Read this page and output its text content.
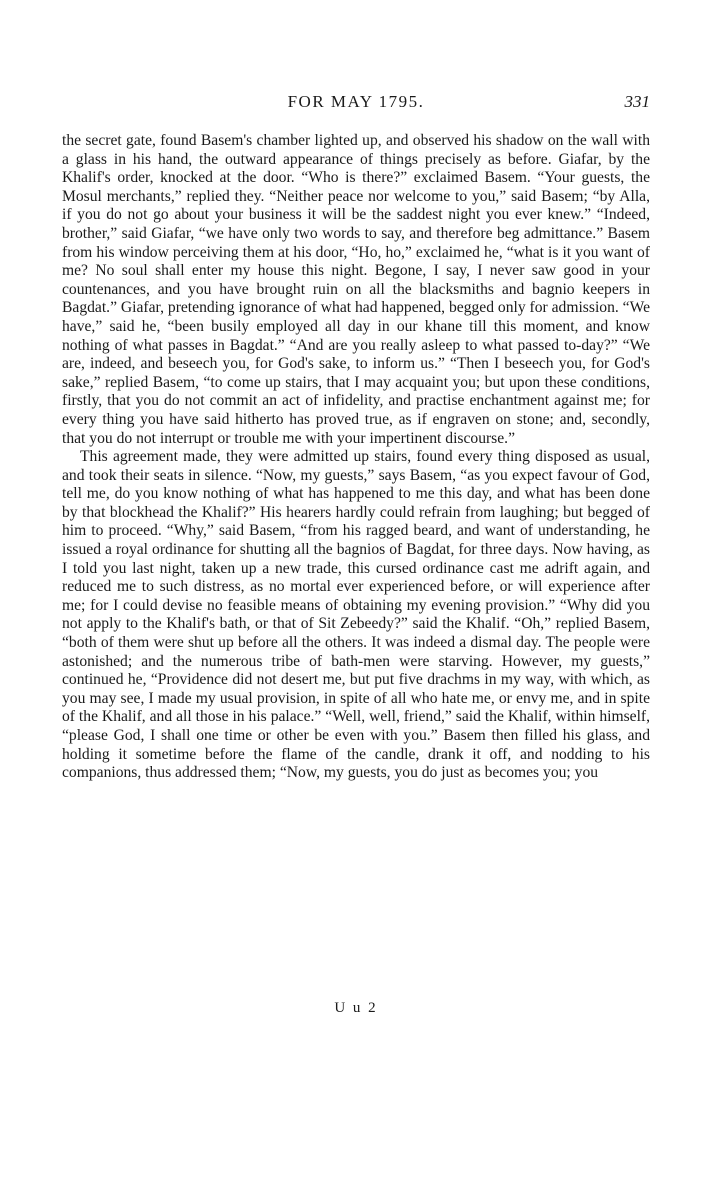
FOR MAY 1795.	331

the secret gate, found Basem's chamber lighted up, and observed his shadow on the wall with a glass in his hand, the outward appearance of things precisely as before. Giafar, by the Khalif's order, knocked at the door. “Who is there?” exclaimed Basem. “Your guests, the Mosul merchants,” replied they. “Neither peace nor welcome to you,” said Basem; “by Alla, if you do not go about your business it will be the saddest night you ever knew.” “Indeed, brother,” said Giafar, “we have only two words to say, and therefore beg admittance.” Basem from his window perceiving them at his door, “Ho, ho,” exclaimed he, “what is it you want of me? No soul shall enter my house this night. Begone, I say, I never saw good in your countenances, and you have brought ruin on all the blacksmiths and bagnio keepers in Bagdat.” Giafar, pretending ignorance of what had happened, begged only for admission. “We have,” said he, “been busily employed all day in our khane till this moment, and know nothing of what passes in Bagdat.” “And are you really asleep to what passed to-day?” “We are, indeed, and beseech you, for God's sake, to inform us.” “Then I beseech you, for God's sake,” replied Basem, “to come up stairs, that I may acquaint you; but upon these conditions, firstly, that you do not commit an act of infidelity, and practise enchantment against me; for every thing you have said hitherto has proved true, as if engraven on stone; and, secondly, that you do not interrupt or trouble me with your impertinent discourse.”

This agreement made, they were admitted up stairs, found every thing disposed as usual, and took their seats in silence. “Now, my guests,” says Basem, “as you expect favour of God, tell me, do you know nothing of what has happened to me this day, and what has been done by that blockhead the Khalif?” His hearers hardly could refrain from laughing; but begged of him to proceed. “Why,” said Basem, “from his ragged beard, and want of understanding, he issued a royal ordinance for shutting all the bagnios of Bagdat, for three days. Now having, as I told you last night, taken up a new trade, this cursed ordinance cast me adrift again, and reduced me to such distress, as no mortal ever experienced before, or will experience after me; for I could devise no feasible means of obtaining my evening provision.” “Why did you not apply to the Khalif's bath, or that of Sit Zebeedy?” said the Khalif. “Oh,” replied Basem, “both of them were shut up before all the others. It was indeed a dismal day. The people were astonished; and the numerous tribe of bath-men were starving. However, my guests,” continued he, “Providence did not desert me, but put five drachms in my way, with which, as you may see, I made my usual provision, in spite of all who hate me, or envy me, and in spite of the Khalif, and all those in his palace.” “Well, well, friend,” said the Khalif, within himself, “please God, I shall one time or other be even with you.” Basem then filled his glass, and holding it sometime before the flame of the candle, drank it off, and nodding to his companions, thus addressed them; “Now, my guests, you do just as becomes you; you

U u 2
